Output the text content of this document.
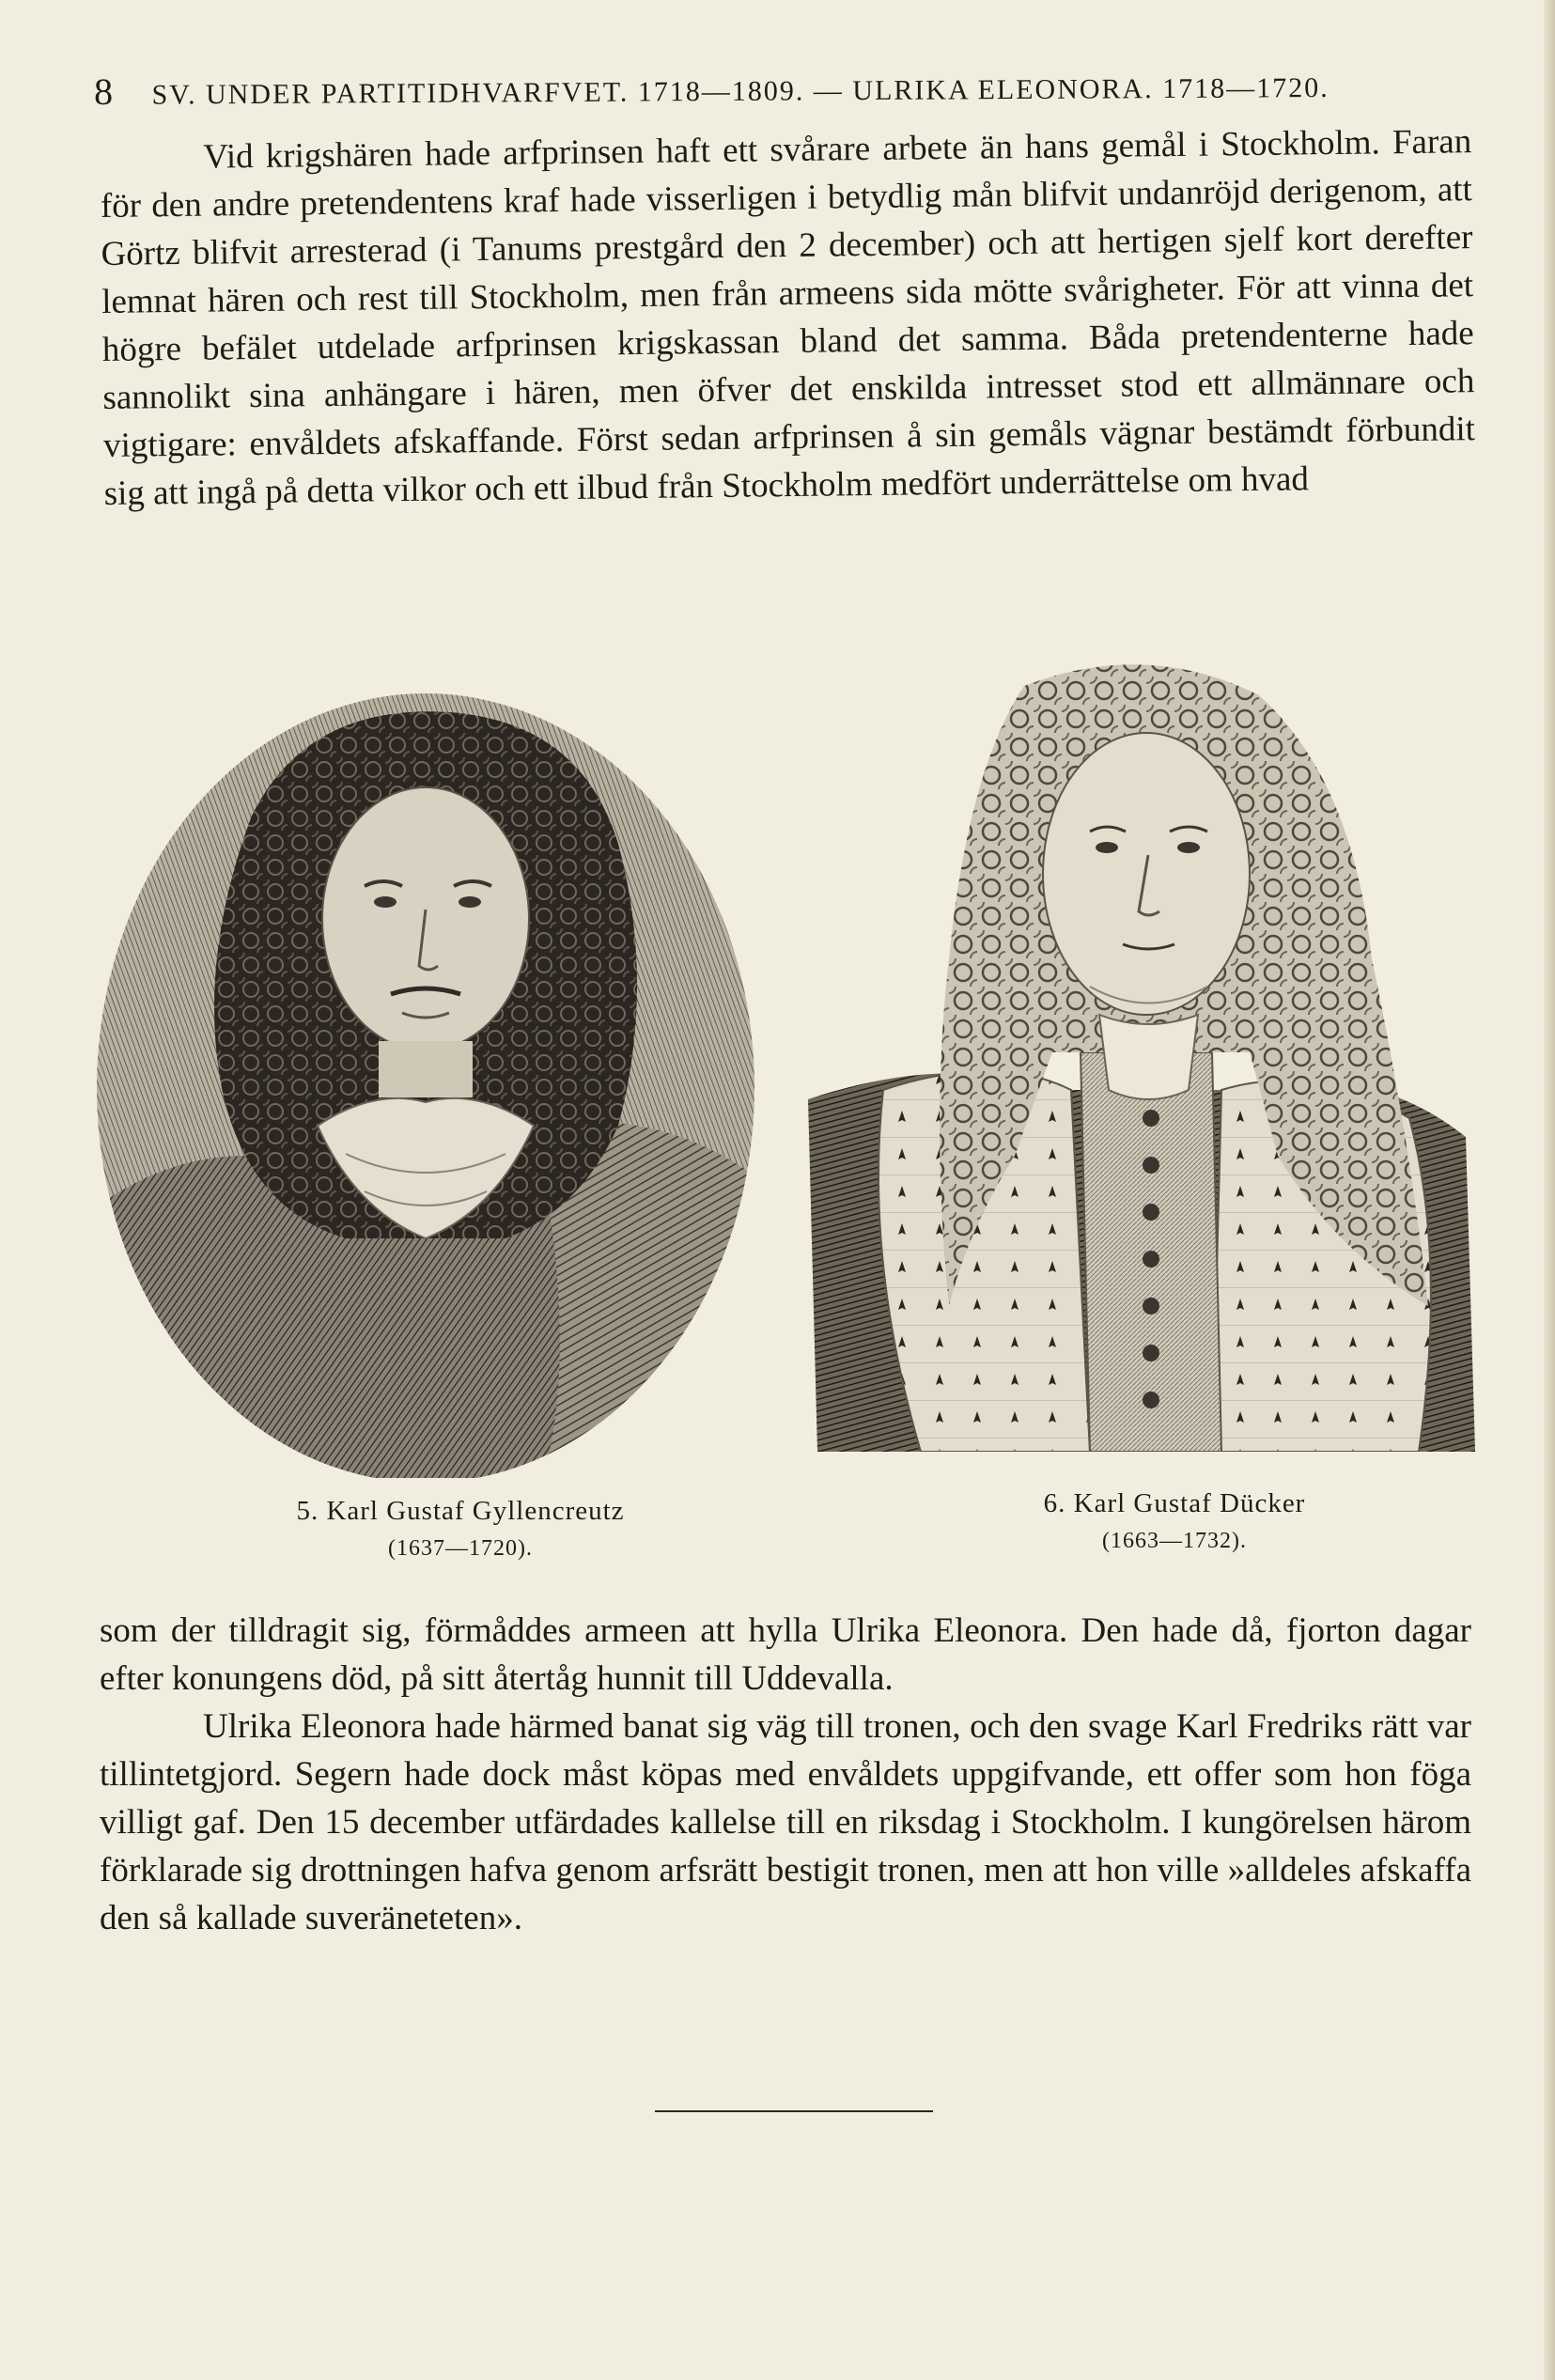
8 SV. UNDER PARTITIDHVARFVET. 1718—1809. — ULRIKA ELEONORA. 1718—1720.
Vid krigshären hade arfprinsen haft ett svårare arbete än hans gemål i Stockholm. Faran för den andre pretendentens kraf hade visserligen i betydlig mån blifvit undanröjd derigenom, att Görtz blifvit arresterad (i Tanums prestgård den 2 december) och att hertigen sjelf kort derefter lemnat hären och rest till Stockholm, men från armeens sida mötte svårigheter. För att vinna det högre befälet utdelade arfprinsen krigskassan bland det samma. Båda pretendenterne hade sannolikt sina anhängare i hären, men öfver det enskilda intresset stod ett allmännare och vigtigare: envåldets afskaffande. Först sedan arfprinsen å sin gemåls vägnar bestämdt förbundit sig att ingå på detta vilkor och ett ilbud från Stockholm medfört underrättelse om hvad
5. Karl Gustaf Gyllencreutz
(1637—1720).
6. Karl Gustaf Dücker
(1663—1732).

som der tilldragit sig, förmåddes armeen att hylla Ulrika Eleonora. Den hade då, fjorton dagar efter konungens död, på sitt återtåg hunnit till Uddevalla.

Ulrika Eleonora hade härmed banat sig väg till tronen, och den svage Karl Fredriks rätt var tillintetgjord. Segern hade dock måst köpas med envåldets uppgifvande, ett offer som hon föga villigt gaf. Den 15 december utfärdades kallelse till en riksdag i Stockholm. I kungörelsen härom förklarade sig drottningen hafva genom arfsrätt bestigit tronen, men att hon ville »alldeles afskaffa den så kallade suveräneteten».
